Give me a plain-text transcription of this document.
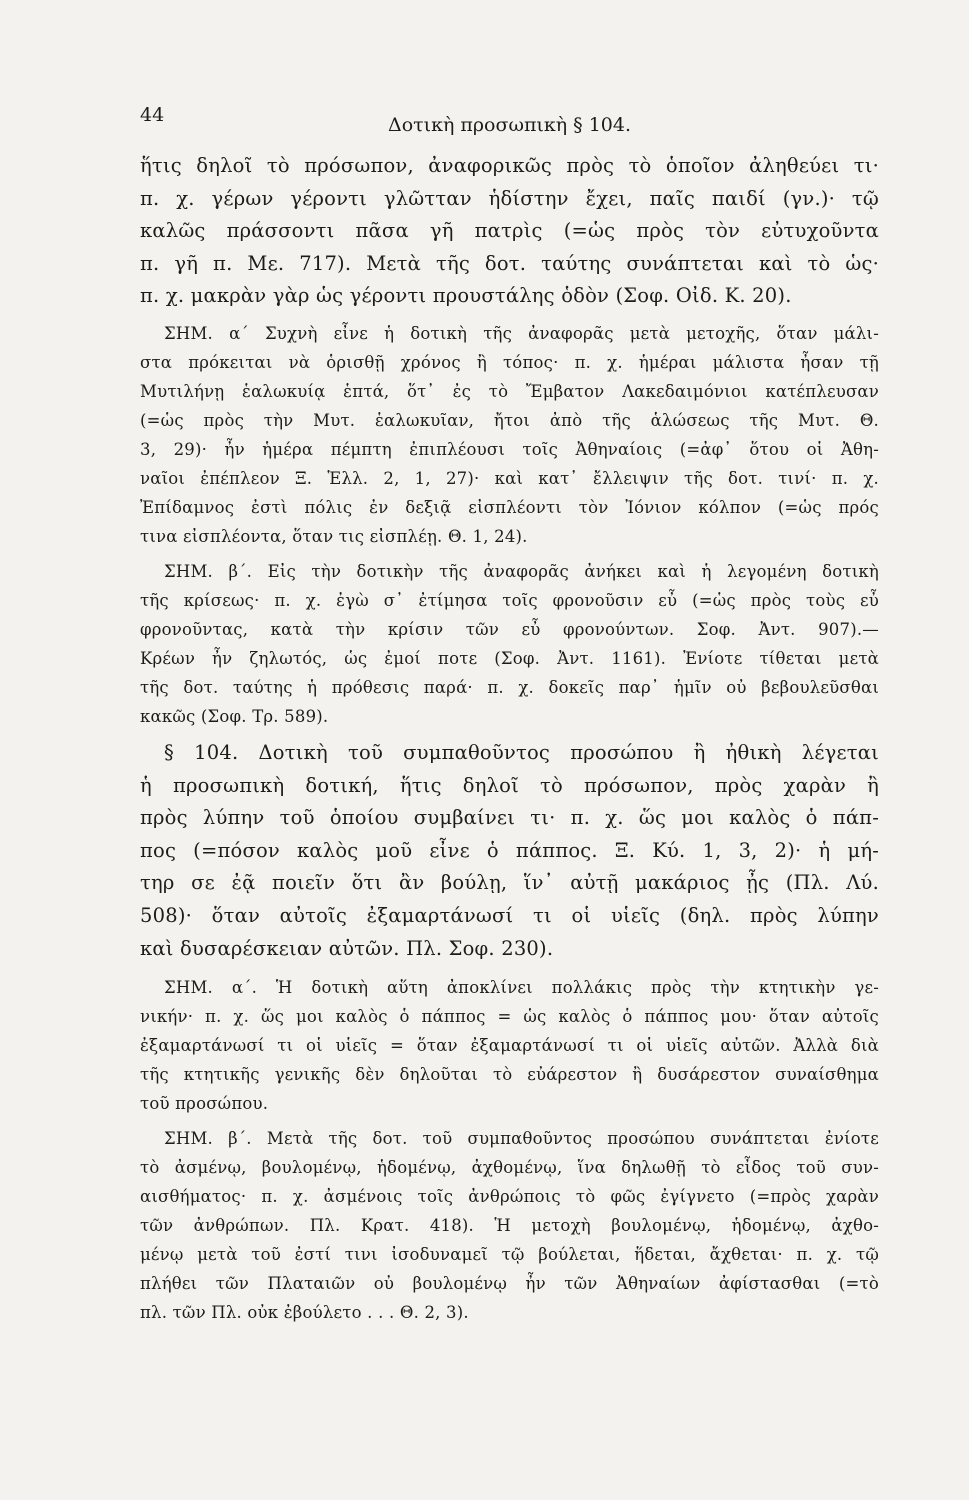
44	Δοτικὴ προσωπικὴ § 104.
ἥτις δηλοῖ τὸ πρόσωπον, ἀναφορικῶς πρὸς τὸ ὁποῖον ἀληθεύει τι·
π. χ. γέρων γέροντι γλῶτταν ἡδίστην ἔχει, παῖς παιδί (γν.)· τῷ
καλῶς πράσσοντι πᾶσα γῆ πατρὶς (=ὡς πρὸς τὸν εὐτυχοῦντα
π. γῆ π. Με. 717). Μετὰ τῆς δοτ. ταύτης συνάπτεται καὶ τὸ ὡς·
π. χ. μακρὰν γὰρ ὡς γέροντι προυστάλης ὁδὸν (Σοφ. Οἰδ. Κ. 20).
ΣΗΜ. α΄ Συχνὴ εἶνε ἡ δοτικὴ τῆς ἀναφορᾶς μετὰ μετοχῆς, ὅταν μάλι-
στα πρόκειται νὰ ὁρισθῇ χρόνος ἢ τόπος· π. χ. ἡμέραι μάλιστα ἦσαν τῇ
Μυτιλήνῃ ἑαλωκυίᾳ ἑπτά, ὅτ᾽ ἐς τὸ Ἔμβατον Λακεδαιμόνιοι κατέπλευσαν
(=ὡς πρὸς τὴν Μυτ. ἑαλωκυῖαν, ἤτοι ἀπὸ τῆς ἁλώσεως τῆς Μυτ. Θ.
3, 29)· ἦν ἡμέρα πέμπτη ἐπιπλέουσι τοῖς Ἀθηναίοις (=ἀφ᾽ ὅτου οἱ Ἀθη-
ναῖοι ἐπέπλεον Ξ. Ἑλλ. 2, 1, 27)· καὶ κατ᾽ ἔλλειψιν τῆς δοτ. τινί· π. χ.
Ἐπίδαμνος ἐστὶ πόλις ἐν δεξιᾷ εἰσπλέοντι τὸν Ἰόνιον κόλπον (=ὡς πρός
τινα εἰσπλέοντα, ὅταν τις εἰσπλέῃ. Θ. 1, 24).
ΣΗΜ. β΄. Εἰς τὴν δοτικὴν τῆς ἀναφορᾶς ἀνήκει καὶ ἡ λεγομένη δοτικὴ
τῆς κρίσεως· π. χ. ἐγὼ σ᾽ ἐτίμησα τοῖς φρονοῦσιν εὖ (=ὡς πρὸς τοὺς εὖ
φρονοῦντας, κατὰ τὴν κρίσιν τῶν εὖ φρονούντων. Σοφ. Ἀντ. 907).—
Κρέων ἦν ζηλωτός, ὡς ἐμοί ποτε (Σοφ. Ἀντ. 1161). Ἐνίοτε τίθεται μετὰ
τῆς δοτ. ταύτης ἡ πρόθεσις παρά· π. χ. δοκεῖς παρ᾽ ἡμῖν οὐ βεβουλεῦσθαι
κακῶς (Σοφ. Τρ. 589).
§ 104. Δοτικὴ τοῦ συμπαθοῦντος προσώπου ἢ ἠθικὴ λέγεται
ἡ προσωπικὴ δοτική, ἥτις δηλοῖ τὸ πρόσωπον, πρὸς χαρὰν ἢ
πρὸς λύπην τοῦ ὁποίου συμβαίνει τι· π. χ. ὥς μοι καλὸς ὁ πάπ-
πος (=πόσον καλὸς μοῦ εἶνε ὁ πάππος. Ξ. Κύ. 1, 3, 2)· ἡ μή-
τηρ σε ἐᾷ ποιεῖν ὅτι ἂν βούλῃ, ἵν᾽ αὐτῇ μακάριος ᾖς (Πλ. Λύ.
508)· ὅταν αὐτοῖς ἐξαμαρτάνωσί τι οἱ υἱεῖς (δηλ. πρὸς λύπην
καὶ δυσαρέσκειαν αὐτῶν. Πλ. Σοφ. 230).
ΣΗΜ. α΄. Ἡ δοτικὴ αὕτη ἀποκλίνει πολλάκις πρὸς τὴν κτητικὴν γε-
νικήν· π. χ. ὥς μοι καλὸς ὁ πάππος = ὡς καλὸς ὁ πάππος μου· ὅταν αὐτοῖς
ἐξαμαρτάνωσί τι οἱ υἱεῖς = ὅταν ἐξαμαρτάνωσί τι οἱ υἱεῖς αὐτῶν. Ἀλλὰ διὰ
τῆς κτητικῆς γενικῆς δὲν δηλοῦται τὸ εὐάρεστον ἢ δυσάρεστον συναίσθημα
τοῦ προσώπου.
ΣΗΜ. β΄. Μετὰ τῆς δοτ. τοῦ συμπαθοῦντος προσώπου συνάπτεται ἐνίοτε
τὸ ἀσμένῳ, βουλομένῳ, ἡδομένῳ, ἀχθομένῳ, ἵνα δηλωθῇ τὸ εἶδος τοῦ συν-
αισθήματος· π. χ. ἀσμένοις τοῖς ἀνθρώποις τὸ φῶς ἐγίγνετο (=πρὸς χαρὰν
τῶν ἀνθρώπων. Πλ. Κρατ. 418). Ἡ μετοχὴ βουλομένῳ, ἡδομένῳ, ἀχθο-
μένῳ μετὰ τοῦ ἐστί τινι ἰσοδυναμεῖ τῷ βούλεται, ἥδεται, ἄχθεται· π. χ. τῷ
πλήθει τῶν Πλαταιῶν οὐ βουλομένῳ ἦν τῶν Ἀθηναίων ἀφίστασθαι (=τὸ
πλ. τῶν Πλ. οὐκ ἐβούλετο . . . Θ. 2, 3).
